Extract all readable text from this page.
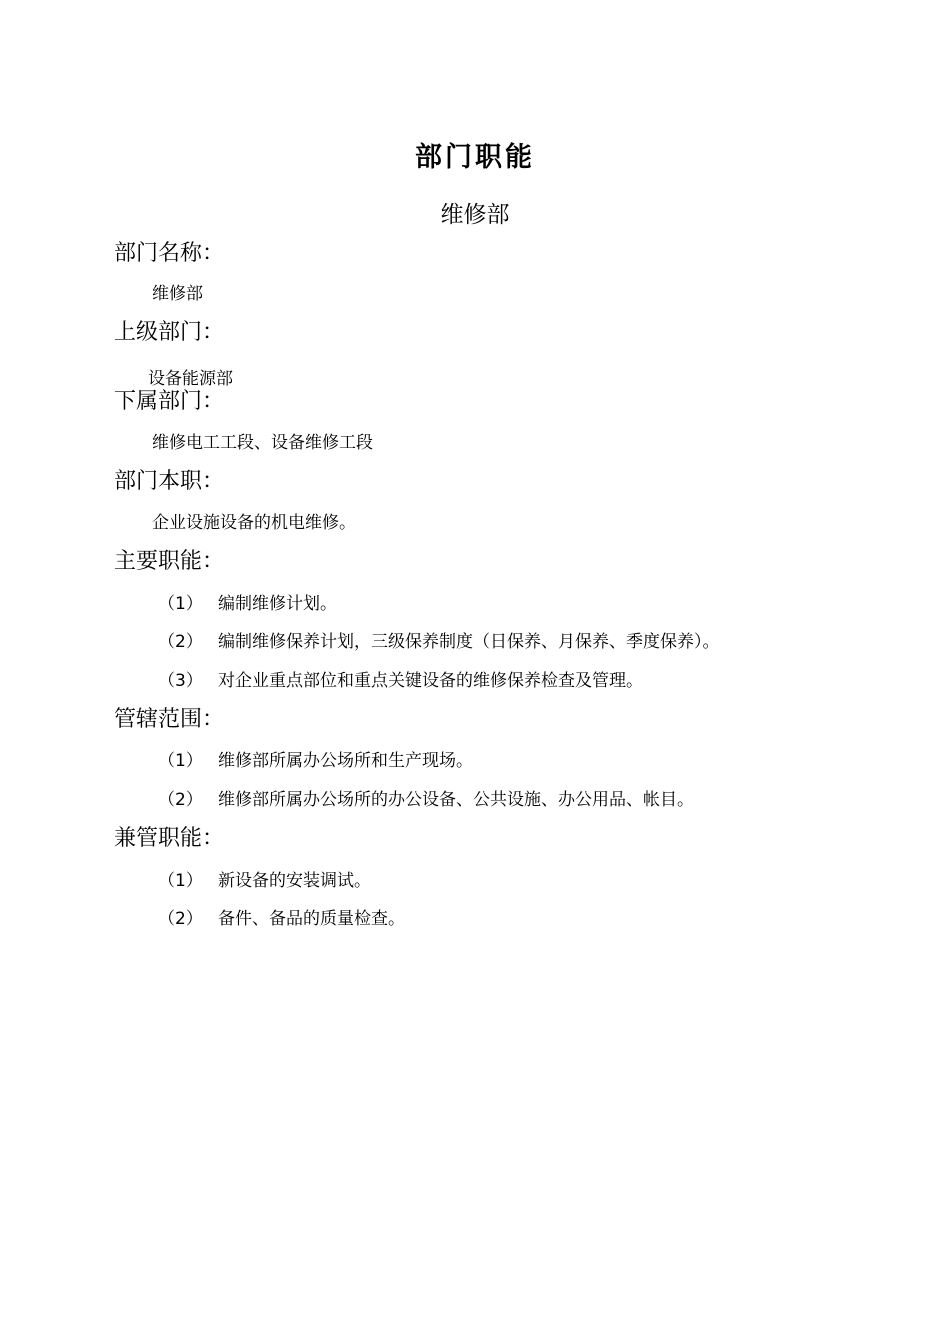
部门职能
维修部
部门名称：
维修部
上级部门：
设备能源部
下属部门：
维修电工工段、设备维修工段
部门本职：
企业设施设备的机电维修。
主要职能：
（1） 编制维修计划。
（2） 编制维修保养计划，三级保养制度（日保养、月保养、季度保养）。
（3） 对企业重点部位和重点关键设备的维修保养检查及管理。
管辖范围：
（1） 维修部所属办公场所和生产现场。
（2） 维修部所属办公场所的办公设备、公共设施、办公用品、帐目。
兼管职能：
（1） 新设备的安装调试。
（2） 备件、备品的质量检查。
